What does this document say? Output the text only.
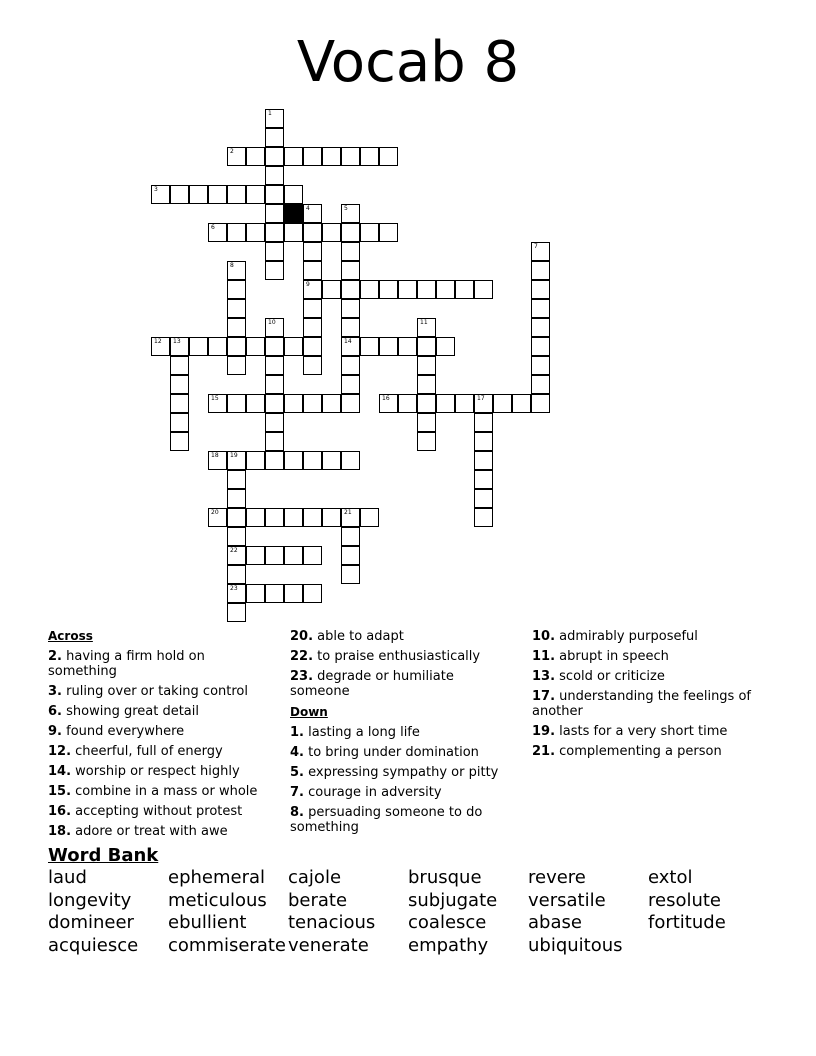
Vocab 8
2
3
6
9
12 13	14
15	16	17
18 19
20	21
22
23
1
4	5
7
8
10	11
Across
2. having a firm hold on something
3. ruling over or taking control
6. showing great detail
9. found everywhere
12. cheerful, full of energy
14. worship or respect highly
15. combine in a mass or whole
16. accepting without protest
18. adore or treat with awe
20. able to adapt
22. to praise enthusiastically
23. degrade or humiliate someone
Down
1. lasting a long life
4. to bring under domination
5. expressing sympathy or pitty
7. courage in adversity
8. persuading someone to do something
10. admirably purposeful
11. abrupt in speech
13. scold or criticize
17. understanding the feelings of another
19. lasts for a very short time
21. complementing a person
Word Bank
laud	ephemeral cajole	brusque	revere	extol
longevity meticulous berate	subjugate versatile resolute
domineer ebullient tenacious coalesce abase	fortitude
acquiesce commiserate venerate empathy ubiquitous
